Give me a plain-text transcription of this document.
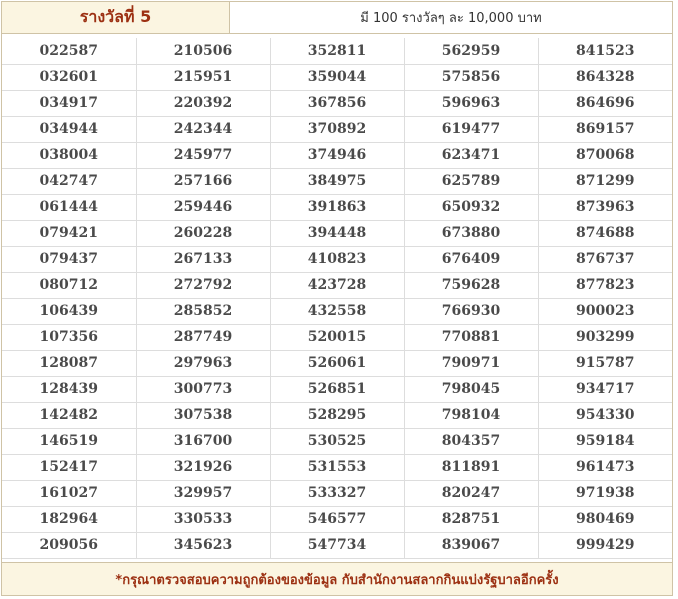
รางวัลที่ 5	มี 100 รางวัลๆ ละ 10,000 บาท
022587	210506	352811	562959	841523
032601	215951	359044	575856	864328
034917	220392	367856	596963	864696
034944	242344	370892	619477	869157
038004	245977	374946	623471	870068
042747	257166	384975	625789	871299
061444	259446	391863	650932	873963
079421	260228	394448	673880	874688
079437	267133	410823	676409	876737
080712	272792	423728	759628	877823
106439	285852	432558	766930	900023
107356	287749	520015	770881	903299
128087	297963	526061	790971	915787
128439	300773	526851	798045	934717
142482	307538	528295	798104	954330
146519	316700	530525	804357	959184
152417	321926	531553	811891	961473
161027	329957	533327	820247	971938
182964	330533	546577	828751	980469
209056	345623	547734	839067	999429
*กรุณาตรวจสอบความถูกต้องของข้อมูล กับสำนักงานสลากกินแบ่งรัฐบาลอีกครั้ง
